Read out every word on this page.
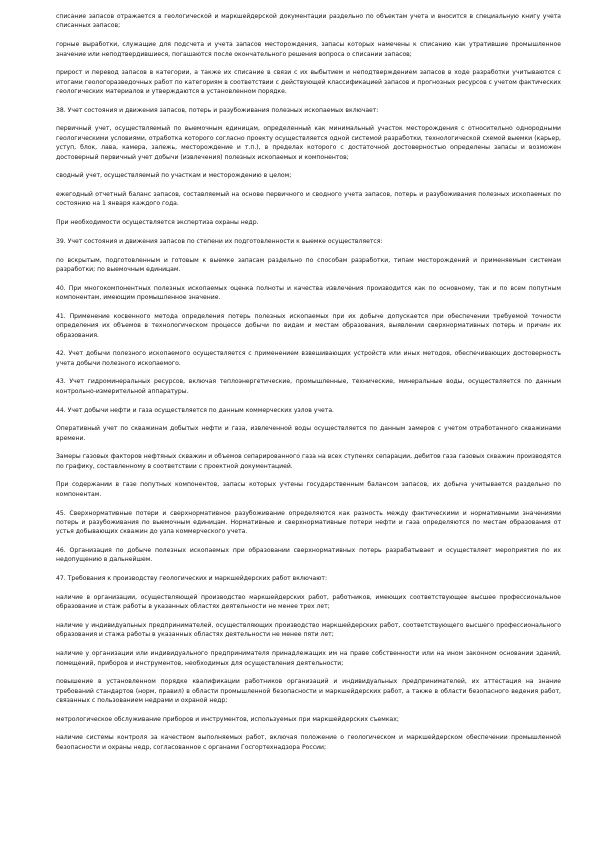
списание запасов отражается в геологической и маркшейдерской документации раздельно по объектам учета и вносится в специальную книгу учета списанных запасов;

горные выработки, служащие для подсчета и учета запасов месторождения, запасы которых намечены к списанию как утратившие промышленное значение или неподтвердившиеся, погашаются после окончательного решения вопроса о списании запасов;

прирост и перевод запасов в категории, а также их списание в связи с их выбытием и неподтверждением запасов в ходе разработки учитываются с итогами геологоразведочных работ по категориям в соответствии с действующей классификацией запасов и прогнозных ресурсов с учетом фактических геологических материалов и утверждаются в установленном порядке.

38. Учет состояния и движения запасов, потерь и разубоживания полезных ископаемых включает:

первичный учет, осуществляемый по выемочным единицам, определенный как минимальный участок месторождения с относительно однородными геологическими условиями, отработка которого согласно проекту осуществляется одной системой разработки, технологической схемой выемки (карьер, уступ, блок, лава, камера, залежь, месторождение и т.п.), в пределах которого с достаточной достоверностью определены запасы и возможен достоверный первичный учет добычи (извлечения) полезных ископаемых и компонентов;

сводный учет, осуществляемый по участкам и месторождению в целом;

ежегодный отчетный баланс запасов, составляемый на основе первичного и сводного учета запасов, потерь и разубоживания полезных ископаемых по состоянию на 1 января каждого года.

При необходимости осуществляется экспертиза охраны недр.

39. Учет состояния и движения запасов по степени их подготовленности к выемке осуществляется:

по вскрытым, подготовленным и готовым к выемке запасам раздельно по способам разработки, типам месторождений и применяемым системам разработки; по выемочным единицам.

40. При многокомпонентных полезных ископаемых оценка полноты и качества извлечения производится как по основному, так и по всем попутным компонентам, имеющим промышленное значение.

41. Применение косвенного метода определения потерь полезных ископаемых при их добыче допускается при обеспечении требуемой точности определения их объемов в технологическом процессе добычи по видам и местам образования, выявлении сверхнормативных потерь и причин их образования.

42. Учет добычи полезного ископаемого осуществляется с применением взвешивающих устройств или иных методов, обеспечивающих достоверность учета добычи полезного ископаемого.

43. Учет гидроминеральных ресурсов, включая теплоэнергетические, промышленные, технические, минеральные воды, осуществляется по данным контрольно-измерительной аппаратуры.

44. Учет добычи нефти и газа осуществляется по данным коммерческих узлов учета.

Оперативный учет по скважинам добытых нефти и газа, извлеченной воды осуществляется по данным замеров с учетом отработанного скважинами времени.

Замеры газовых факторов нефтяных скважин и объемов сепарированного газа на всех ступенях сепарации, дебитов газа газовых скважин производятся по графику, составленному в соответствии с проектной документацией.

При содержании в газе попутных компонентов, запасы которых учтены государственным балансом запасов, их добыча учитывается раздельно по компонентам.

45. Сверхнормативные потери и сверхнормативное разубоживание определяются как разность между фактическими и нормативными значениями потерь и разубоживания по выемочным единицам. Нормативные и сверхнормативные потери нефти и газа определяются по местам образования от устья добывающих скважин до узла коммерческого учета.

46. Организация по добыче полезных ископаемых при образовании сверхнормативных потерь разрабатывает и осуществляет мероприятия по их недопущению в дальнейшем.

47. Требования к производству геологических и маркшейдерских работ включают:

наличие в организации, осуществляющей производство маркшейдерских работ, работников, имеющих соответствующее высшее профессиональное образование и стаж работы в указанных областях деятельности не менее трех лет;

наличие у индивидуальных предпринимателей, осуществляющих производство маркшейдерских работ, соответствующего высшего профессионального образования и стажа работы в указанных областях деятельности не менее пяти лет;

наличие у организации или индивидуального предпринимателя принадлежащих им на праве собственности или на ином законном основании зданий, помещений, приборов и инструментов, необходимых для осуществления деятельности;

повышение в установленном порядке квалификации работников организаций и индивидуальных предпринимателей, их аттестация на знание требований стандартов (норм, правил) в области промышленной безопасности и маркшейдерских работ, а также в области безопасного ведения работ, связанных с пользованием недрами и охраной недр;

метрологическое обслуживание приборов и инструментов, используемых при маркшейдерских съемках;

наличие системы контроля за качеством выполняемых работ, включая положение о геологическом и маркшейдерском обеспечении промышленной безопасности и охраны недр, согласованное с органами Госгортехнадзора России;
